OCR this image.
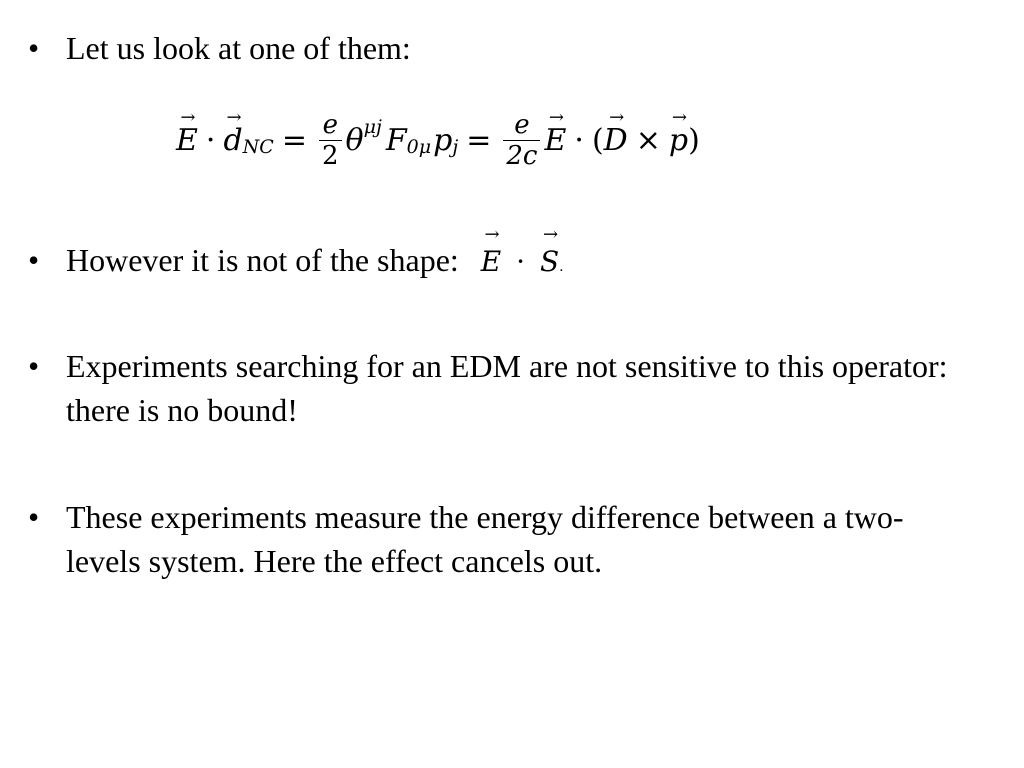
• Let us look at one of them:
→
E ·
→
d NC = $\frac{e}{2}$ θ μj F 0μ p $j = \frac{e}{2c}$ →
E · (
→
D ×
→
p )
• However it is not of the shape:
→
E ·
→
S.
• Experiments searching for an EDM are not sensitive to this operator: there is no bound!
• These experiments measure the energy difference between a two-levels system. Here the effect cancels out.
